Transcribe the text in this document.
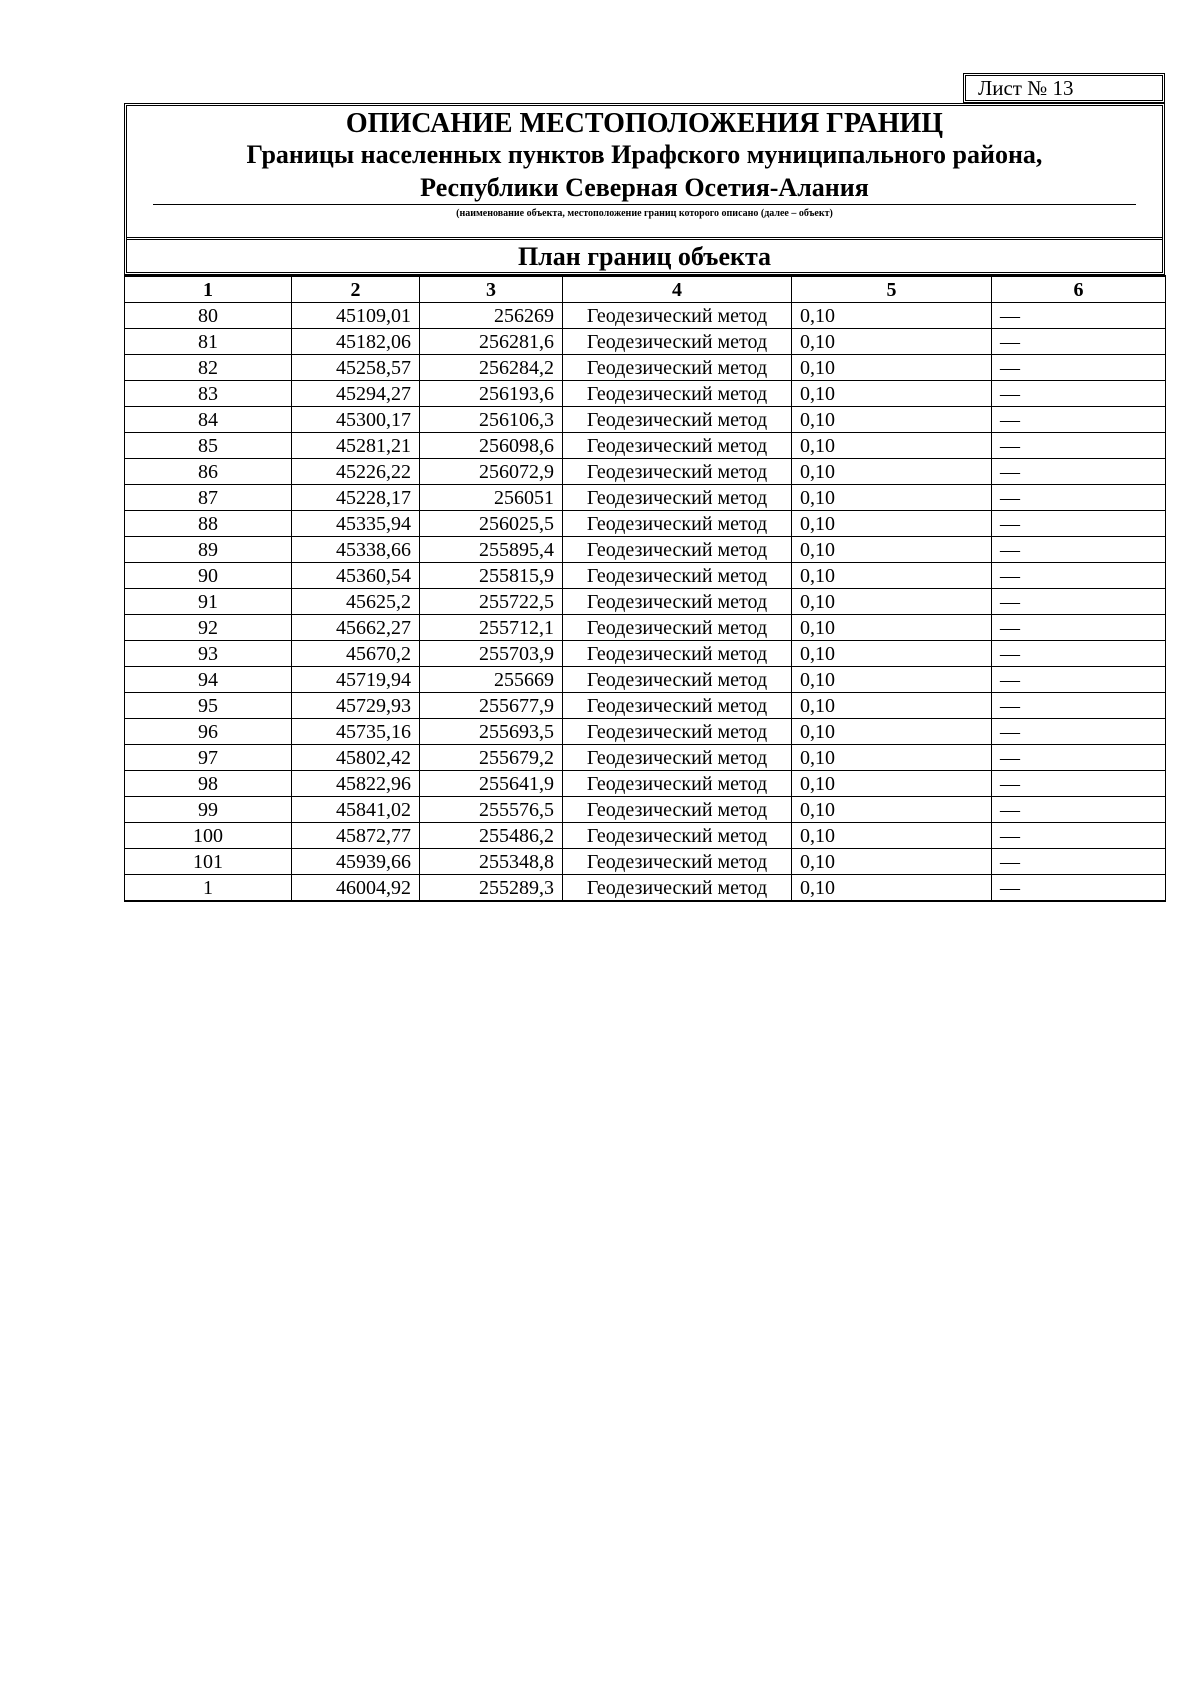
Лист № 13
ОПИСАНИЕ МЕСТОПОЛОЖЕНИЯ ГРАНИЦ
Границы населенных пунктов Ирафского муниципального района,
Республики Северная Осетия-Алания
(наименование объекта, местоположение границ которого описано (далее – объект)
План границ объекта
1	2	3	4	5	6
80	45109,01	256269	Геодезический метод	0,10	—
81	45182,06	256281,6	Геодезический метод	0,10	—
82	45258,57	256284,2	Геодезический метод	0,10	—
83	45294,27	256193,6	Геодезический метод	0,10	—
84	45300,17	256106,3	Геодезический метод	0,10	—
85	45281,21	256098,6	Геодезический метод	0,10	—
86	45226,22	256072,9	Геодезический метод	0,10	—
87	45228,17	256051	Геодезический метод	0,10	—
88	45335,94	256025,5	Геодезический метод	0,10	—
89	45338,66	255895,4	Геодезический метод	0,10	—
90	45360,54	255815,9	Геодезический метод	0,10	—
91	45625,2	255722,5	Геодезический метод	0,10	—
92	45662,27	255712,1	Геодезический метод	0,10	—
93	45670,2	255703,9	Геодезический метод	0,10	—
94	45719,94	255669	Геодезический метод	0,10	—
95	45729,93	255677,9	Геодезический метод	0,10	—
96	45735,16	255693,5	Геодезический метод	0,10	—
97	45802,42	255679,2	Геодезический метод	0,10	—
98	45822,96	255641,9	Геодезический метод	0,10	—
99	45841,02	255576,5	Геодезический метод	0,10	—
100	45872,77	255486,2	Геодезический метод	0,10	—
101	45939,66	255348,8	Геодезический метод	0,10	—
1	46004,92	255289,3	Геодезический метод	0,10	—
